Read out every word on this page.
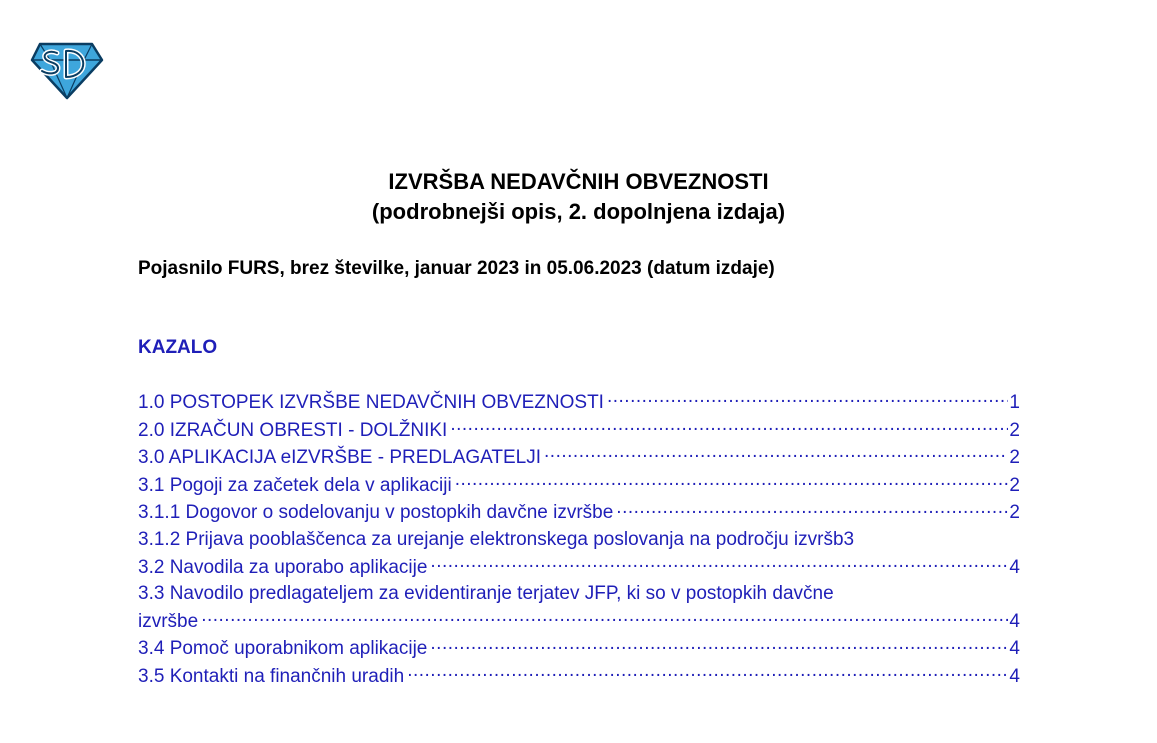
IZVRŠBA NEDAVČNIH OBVEZNOSTI
(podrobnejši opis, 2. dopolnjena izdaja)
Pojasnilo FURS, brez številke, januar 2023 in 05.06.2023 (datum izdaje)
KAZALO
1.0 POSTOPEK IZVRŠBE NEDAVČNIH OBVEZNOSTI .....	1
2.0 IZRAČUN OBRESTI - DOLŽNIKI .....	2
3.0 APLIKACIJA eIZVRŠBE - PREDLAGATELJI .....	2
3.1 Pogoji za začetek dela v aplikaciji .....	2
3.1.1 Dogovor o sodelovanju v postopkih davčne izvršbe .....	2
3.1.2 Prijava pooblaščenca za urejanje elektronskega poslovanja na področju izvršb 3
3.2 Navodila za uporabo aplikacije .....	4
3.3 Navodilo predlagateljem za evidentiranje terjatev JFP, ki so v postopkih davčne
izvršbe .....	4
3.4 Pomoč uporabnikom aplikacije .....	4
3.5 Kontakti na finančnih uradih .....	4
